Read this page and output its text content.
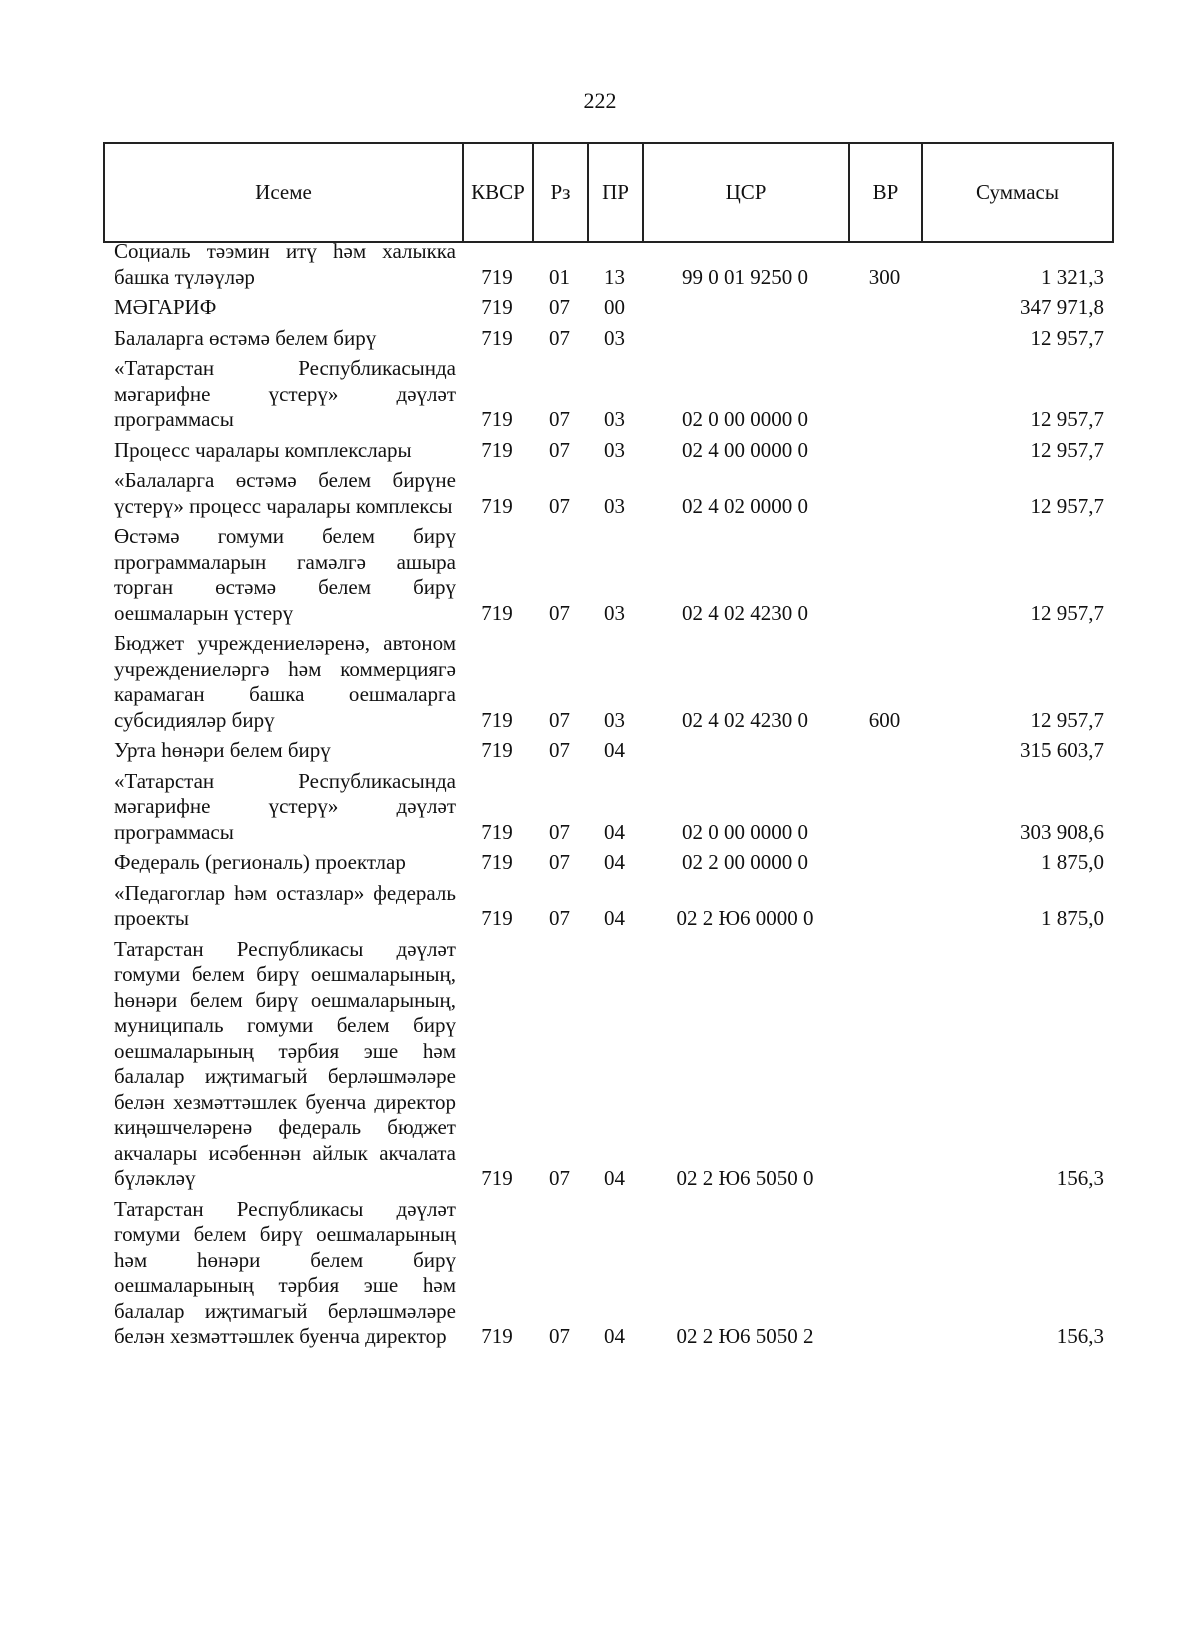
222
Исеме	КВСР	Рз	ПР	ЦСР	ВР	Суммасы
Социаль тәэмин итү һәм халыкка башка түләүләр	719	01	13	99 0 01 9250 0	300	1 321,3
МӘГАРИФ	719	07	00			347 971,8
Балаларга өстәмә белем бирү	719	07	03			12 957,7
«Татарстан Республикасында мәгарифне үстерү» дәүләт программасы	719	07	03	02 0 00 0000 0		12 957,7
Процесс чаралары комплекслары	719	07	03	02 4 00 0000 0		12 957,7
«Балаларга өстәмә белем бирүне үстерү» процесс чаралары комплексы	719	07	03	02 4 02 0000 0		12 957,7
Өстәмә гомуми белем бирү программаларын гамәлгә ашыра торган өстәмә белем бирү оешмаларын үстерү	719	07	03	02 4 02 4230 0		12 957,7
Бюджет учреждениеләренә, автоном учреждениеләргә һәм коммерциягә карамаган башка оешмаларга субсидияләр бирү	719	07	03	02 4 02 4230 0	600	12 957,7
Урта һөнәри белем бирү	719	07	04			315 603,7
«Татарстан Республикасында мәгарифне үстерү» дәүләт программасы	719	07	04	02 0 00 0000 0		303 908,6
Федераль (региональ) проектлар	719	07	04	02 2 00 0000 0		1 875,0
«Педагоглар һәм остазлар» федераль проекты	719	07	04	02 2 Ю6 0000 0		1 875,0
Татарстан Республикасы дәүләт гомуми белем бирү оешмаларының, һөнәри белем бирү оешмаларының, муниципаль гомуми белем бирү оешмаларының тәрбия эше һәм балалар иҗтимагый берләшмәләре белән хезмәттәшлек буенча директор киңәшчеләренә федераль бюджет акчалары исәбеннән айлык акчалата бүләкләү	719	07	04	02 2 Ю6 5050 0		156,3
Татарстан Республикасы дәүләт гомуми белем бирү оешмаларының һәм һөнәри белем бирү оешмаларының тәрбия эше һәм балалар иҗтимагый берләшмәләре белән хезмәттәшлек буенча директор	719	07	04	02 2 Ю6 5050 2		156,3
